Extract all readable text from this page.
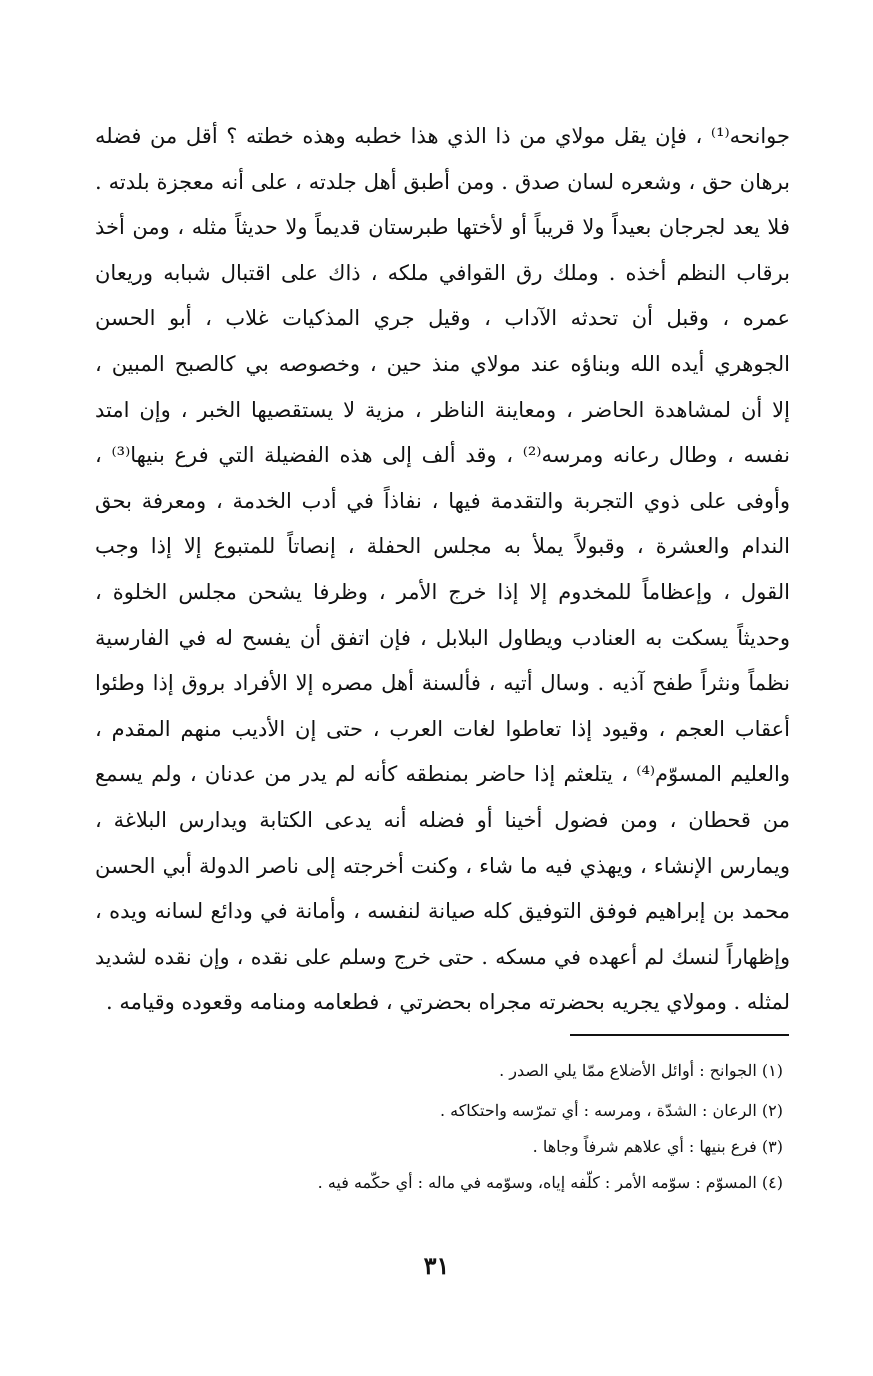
جوانحه⁽¹⁾ ، فإن يقل مولاي من ذا الذي هذا خطبه وهذه خطته ؟ أقل من فضله
برهان حق ، وشعره لسان صدق . ومن أطبق أهل جلدته ، على أنه معجزة بلدته .
فلا يعد لجرجان بعيداً ولا قريباً أو لأختها طبرستان قديماً ولا حديثاً مثله ، ومن أخذ
برقاب النظم أخذه . وملك رق القوافي ملكه ، ذاك على اقتبال شبابه وريعان
عمره ، وقبل أن تحدثه الآداب ، وقيل جري المذكيات غلاب ، أبو الحسن
الجوهري أيده الله وبناؤه عند مولاي منذ حين ، وخصوصه بي كالصبح المبين ،
إلا أن لمشاهدة الحاضر ، ومعاينة الناظر ، مزية لا يستقصيها الخبر ، وإن امتد
نفسه ، وطال رعانه ومرسه⁽²⁾ ، وقد ألف إلى هذه الفضيلة التي فرع بنيها⁽³⁾ ،
وأوفى على ذوي التجربة والتقدمة فيها ، نفاذاً في أدب الخدمة ، ومعرفة بحق
الندام والعشرة ، وقبولاً يملأ به مجلس الحفلة ، إنصاتاً للمتبوع إلا إذا وجب
القول ، وإعظاماً للمخدوم إلا إذا خرج الأمر ، وظرفا يشحن مجلس الخلوة ،
وحديثاً يسكت به العنادب ويطاول البلابل ، فإن اتفق أن يفسح له في الفارسية
نظماً ونثراً طفح آذيه . وسال أتيه ، فألسنة أهل مصره إلا الأفراد بروق إذا وطئوا
أعقاب العجم ، وقيود إذا تعاطوا لغات العرب ، حتى إن الأديب منهم المقدم ،
والعليم المسوّم⁽⁴⁾ ، يتلعثم إذا حاضر بمنطقه كأنه لم يدر من عدنان ، ولم يسمع
من قحطان ، ومن فضول أخينا أو فضله أنه يدعى الكتابة ويدارس البلاغة ،
ويمارس الإنشاء ، ويهذي فيه ما شاء ، وكنت أخرجته إلى ناصر الدولة أبي الحسن
محمد بن إبراهيم فوفق التوفيق كله صيانة لنفسه ، وأمانة في ودائع لسانه ويده ،
وإظهاراً لنسك لم أعهده في مسكه . حتى خرج وسلم على نقده ، وإن نقده لشديد
لمثله . ومولاي يجريه بحضرته مجراه بحضرتي ، فطعامه ومنامه وقعوده وقيامه .
(١) الجوانح : أوائل الأضلاع ممّا يلي الصدر .
(٢) الرعان : الشدّة ، ومرسه : أي تمرّسه واحتكاكه .
(٣) فرع بنيها : أي علاهم شرفاً وجاها .
(٤) المسوّم : سوّمه الأمر : كلّفه إياه، وسوّمه في ماله : أي حكّمه فيه .
٣١
